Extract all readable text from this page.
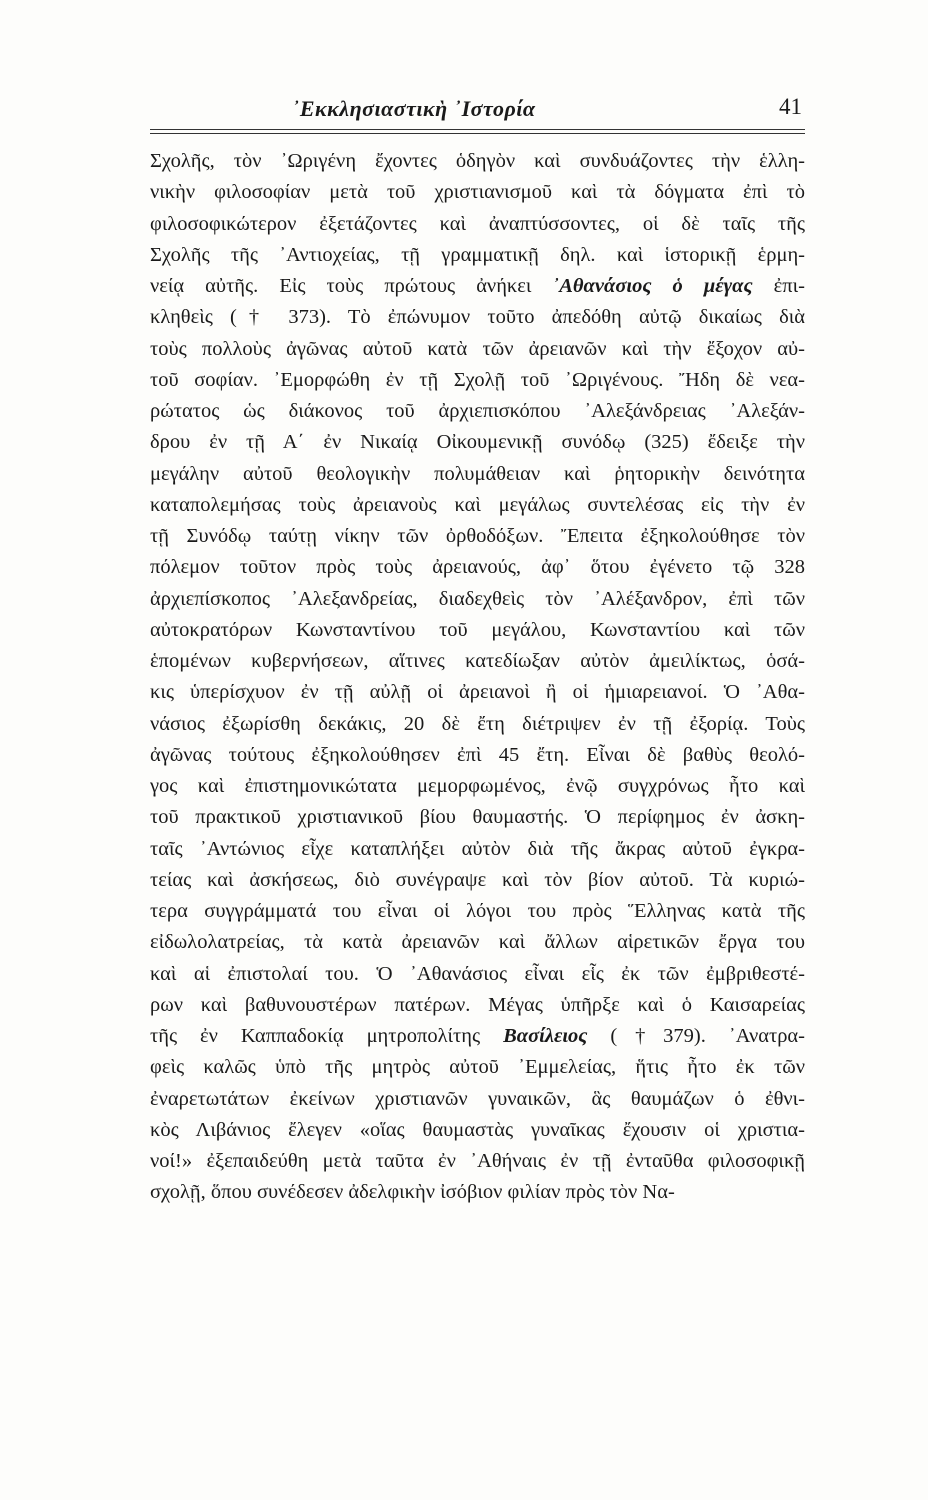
᾿Εκκλησιαστικὴ ᾿Ιστορία	41
Σχολῆς, τὸν ᾿Ωριγένη ἔχοντες ὁδηγὸν καὶ συνδυάζοντες τὴν ἑλλη-
νικὴν φιλοσοφίαν μετὰ τοῦ χριστιανισμοῦ καὶ τὰ δόγματα ἐπὶ τὸ
φιλοσοφικώτερον ἐξετάζοντες καὶ ἀναπτύσσοντες, οἱ δὲ ταῖς τῆς
Σχολῆς τῆς ᾿Αντιοχείας, τῇ γραμματικῇ δηλ. καὶ ἱστορικῇ ἑρμη-
νείᾳ αὐτῆς. Εἰς τοὺς πρώτους ἀνήκει ᾿Αθανάσιος ὁ μέγας ἐπι-
κληθεὶς († 373). Τὸ ἐπώνυμον τοῦτο ἀπεδόθη αὐτῷ δικαίως διὰ
τοὺς πολλοὺς ἀγῶνας αὐτοῦ κατὰ τῶν ἀρειανῶν καὶ τὴν ἔξοχον αὐ-
τοῦ σοφίαν. ᾿Εμορφώθη ἐν τῇ Σχολῇ τοῦ ᾿Ωριγένους. Ἤδη δὲ νεα-
ρώτατος ὡς διάκονος τοῦ ἀρχιεπισκόπου ᾿Αλεξάνδρειας ᾿Αλεξάν-
δρου ἐν τῇ Α΄ ἐν Νικαίᾳ Οἰκουμενικῇ συνόδῳ (325) ἔδειξε τὴν
μεγάλην αὐτοῦ θεολογικὴν πολυμάθειαν καὶ ῥητορικὴν δεινότητα
καταπολεμήσας τοὺς ἀρειανοὺς καὶ μεγάλως συντελέσας εἰς τὴν ἐν
τῇ Συνόδῳ ταύτῃ νίκην τῶν ὀρθοδόξων. Ἔπειτα ἐξηκολούθησε τὸν
πόλεμον τοῦτον πρὸς τοὺς ἀρειανούς, ἀφ᾿ ὅτου ἐγένετο τῷ 328
ἀρχιεπίσκοπος ᾿Αλεξανδρείας, διαδεχθεὶς τὸν ᾿Αλέξανδρον, ἐπὶ τῶν
αὐτοκρατόρων Κωνσταντίνου τοῦ μεγάλου, Κωνσταντίου καὶ τῶν
ἑπομένων κυβερνήσεων, αἵτινες κατεδίωξαν αὐτὸν ἀμειλίκτως, ὁσά-
κις ὑπερίσχυον ἐν τῇ αὐλῇ οἱ ἀρειανοὶ ἢ οἱ ἡμιαρειανοί. Ὁ ᾿Αθα-
νάσιος ἐξωρίσθη δεκάκις, 20 δὲ ἔτη διέτριψεν ἐν τῇ ἐξορίᾳ. Τοὺς
ἀγῶνας τούτους ἐξηκολούθησεν ἐπὶ 45 ἔτη. Εἶναι δὲ βαθὺς θεολό-
γος καὶ ἐπιστημονικώτατα μεμορφωμένος, ἐνῷ συγχρόνως ἦτο καὶ
τοῦ πρακτικοῦ χριστιανικοῦ βίου θαυμαστής. Ὁ περίφημος ἐν ἀσκη-
ταῖς ᾿Αντώνιος εἶχε καταπλήξει αὐτὸν διὰ τῆς ἄκρας αὐτοῦ ἐγκρα-
τείας καὶ ἀσκήσεως, διὸ συνέγραψε καὶ τὸν βίον αὐτοῦ. Τὰ κυριώ-
τερα συγγράμματά του εἶναι οἱ λόγοι του πρὸς Ἕλληνας κατὰ τῆς
εἰδωλολατρείας, τὰ κατὰ ἀρειανῶν καὶ ἄλλων αἱρετικῶν ἔργα του
καὶ αἱ ἐπιστολαί του. Ὁ ᾿Αθανάσιος εἶναι εἷς ἐκ τῶν ἐμβριθεστέ-
ρων καὶ βαθυνουστέρων πατέρων. Μέγας ὑπῆρξε καὶ ὁ Καισαρείας
τῆς ἐν Καππαδοκίᾳ μητροπολίτης Βασίλειος (†379). ᾿Ανατρα-
φεὶς καλῶς ὑπὸ τῆς μητρὸς αὐτοῦ ᾿Εμμελείας, ἥτις ἦτο ἐκ τῶν
ἐναρετωτάτων ἐκείνων χριστιανῶν γυναικῶν, ἃς θαυμάζων ὁ ἐθνι-
κὸς Λιβάνιος ἔλεγεν «οἵας θαυμαστὰς γυναῖκας ἔχουσιν οἱ χριστια-
νοί!» ἐξεπαιδεύθη μετὰ ταῦτα ἐν ᾿Αθήναις ἐν τῇ ἐνταῦθα φιλοσοφικῇ
σχολῇ, ὅπου συνέδεσεν ἀδελφικὴν ἰσόβιον φιλίαν πρὸς τὸν Να-
